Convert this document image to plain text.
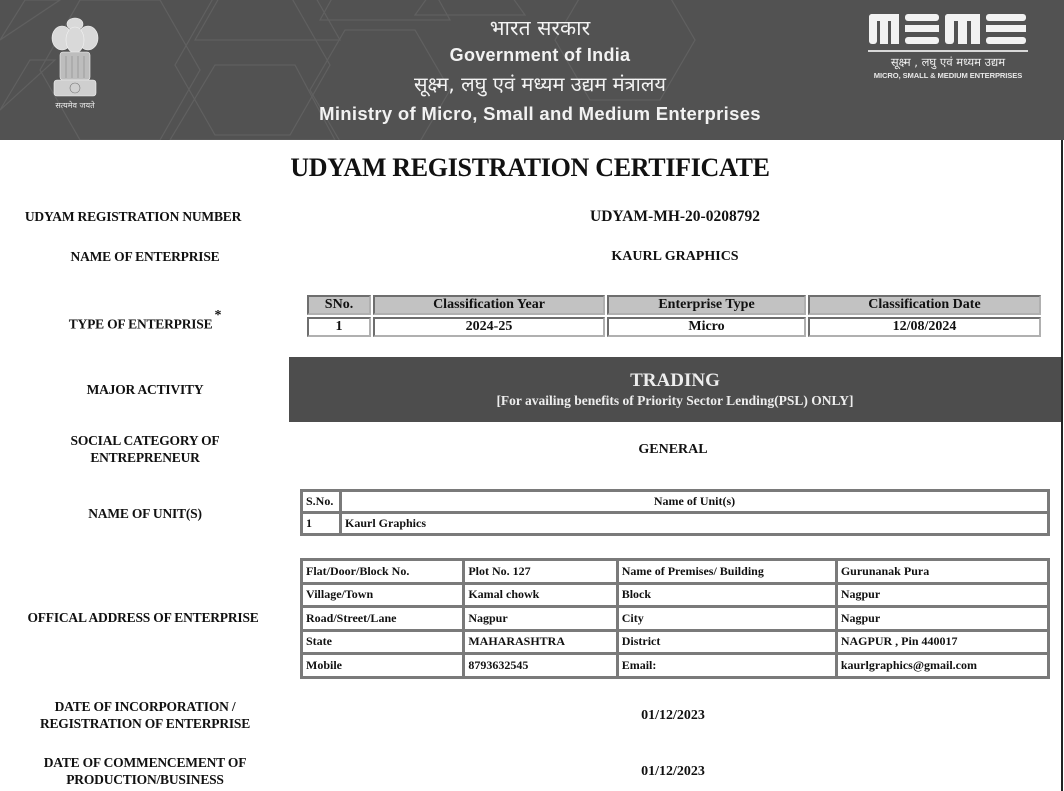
सत्यमेव जयते
भारत सरकार
Government of India
सूक्ष्म, लघु एवं मध्यम उद्यम मंत्रालय
Ministry of Micro, Small and Medium Enterprises
सूक्ष्म , लघु एवं मध्यम उद्यम
MICRO, SMALL & MEDIUM ENTERPRISES
UDYAM REGISTRATION CERTIFICATE
UDYAM REGISTRATION NUMBER	UDYAM-MH-20-0208792
NAME OF ENTERPRISE	KAURL GRAPHICS
TYPE OF ENTERPRISE*
SNo.	Classification Year	Enterprise Type	Classification Date
1	2024-25	Micro	12/08/2024
MAJOR ACTIVITY	TRADING
[For availing benefits of Priority Sector Lending(PSL) ONLY]
SOCIAL CATEGORY OF
ENTREPRENEUR
GENERAL
NAME OF UNIT(S)
S.No.	Name of Unit(s)
1	Kaurl Graphics
OFFICAL ADDRESS OF ENTERPRISE
Flat/Door/Block No.	Plot No. 127	Name of Premises/ Building	Gurunanak Pura
Village/Town	Kamal chowk	Block	Nagpur
Road/Street/Lane	Nagpur	City	Nagpur
State	MAHARASHTRA	District	NAGPUR , Pin 440017
Mobile	8793632545	Email:	kaurlgraphics@gmail.com
DATE OF INCORPORATION /
REGISTRATION OF ENTERPRISE
01/12/2023
DATE OF COMMENCEMENT OF
PRODUCTION/BUSINESS
01/12/2023
